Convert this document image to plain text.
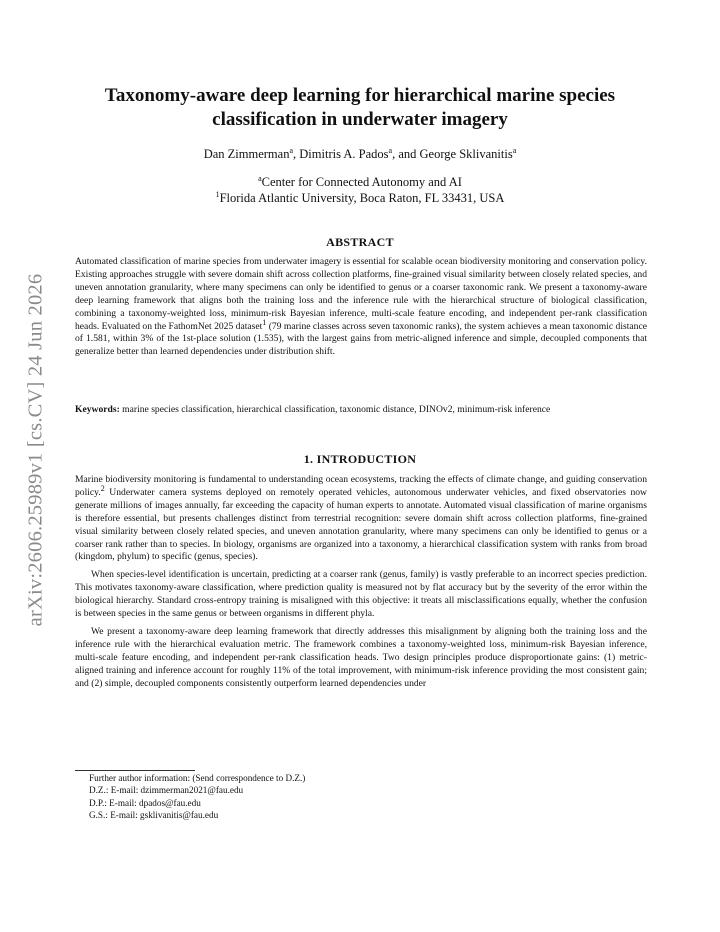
arXiv:2606.25989v1 [cs.CV] 24 Jun 2026
Taxonomy-aware deep learning for hierarchical marine species
classification in underwater imagery
Dan Zimmerman$^a$, Dimitris A. Pados$^a$, and George Sklivanitis$^a$
$^a$Center for Connected Autonomy and AI
$^1$Florida Atlantic University, Boca Raton, FL 33431, USA
ABSTRACT

Automated classification of marine species from underwater imagery is essential for scalable ocean biodiversity monitoring and conservation policy. Existing approaches struggle with severe domain shift across collection platforms, fine-grained visual similarity between closely related species, and uneven annotation granularity, where many specimens can only be identified to genus or a coarser taxonomic rank. We present a taxonomy-aware deep learning framework that aligns both the training loss and the inference rule with the hierarchical structure of biological classification, combining a taxonomy-weighted loss, minimum-risk Bayesian inference, multi-scale feature encoding, and independent per-rank classification heads. Evaluated on the FathomNet 2025 dataset$^1$ (79 marine classes across seven taxonomic ranks), the system achieves a mean taxonomic distance of 1.581, within 3% of the 1st-place solution (1.535), with the largest gains from metric-aligned inference and simple, decoupled components that generalize better than learned dependencies under distribution shift.

Keywords: marine species classification, hierarchical classification, taxonomic distance, DINOv2, minimum-risk inference

1. INTRODUCTION

Marine biodiversity monitoring is fundamental to understanding ocean ecosystems, tracking the effects of climate change, and guiding conservation policy.$^2$ Underwater camera systems deployed on remotely operated vehicles, autonomous underwater vehicles, and fixed observatories now generate millions of images annually, far exceeding the capacity of human experts to annotate. Automated visual classification of marine organisms is therefore essential, but presents challenges distinct from terrestrial recognition: severe domain shift across collection platforms, fine-grained visual similarity between closely related species, and uneven annotation granularity, where many specimens can only be identified to genus or a coarser rank rather than to species. In biology, organisms are organized into a taxonomy, a hierarchical classification system with ranks from broad (kingdom, phylum) to specific (genus, species).

When species-level identification is uncertain, predicting at a coarser rank (genus, family) is vastly preferable to an incorrect species prediction. This motivates taxonomy-aware classification, where prediction quality is measured not by flat accuracy but by the severity of the error within the biological hierarchy. Standard cross-entropy training is misaligned with this objective: it treats all misclassifications equally, whether the confusion is between species in the same genus or between organisms in different phyla.

We present a taxonomy-aware deep learning framework that directly addresses this misalignment by aligning both the training loss and the inference rule with the hierarchical evaluation metric. The framework combines a taxonomy-weighted loss, minimum-risk Bayesian inference, multi-scale feature encoding, and independent per-rank classification heads. Two design principles produce disproportionate gains: (1) metric-aligned training and inference account for roughly 11% of the total improvement, with minimum-risk inference providing the most consistent gain; and (2) simple, decoupled components consistently outperform learned dependencies under

Further author information: (Send correspondence to D.Z.)
D.Z.: E-mail: dzimmerman2021@fau.edu
D.P.: E-mail: dpados@fau.edu
G.S.: E-mail: gsklivanitis@fau.edu
